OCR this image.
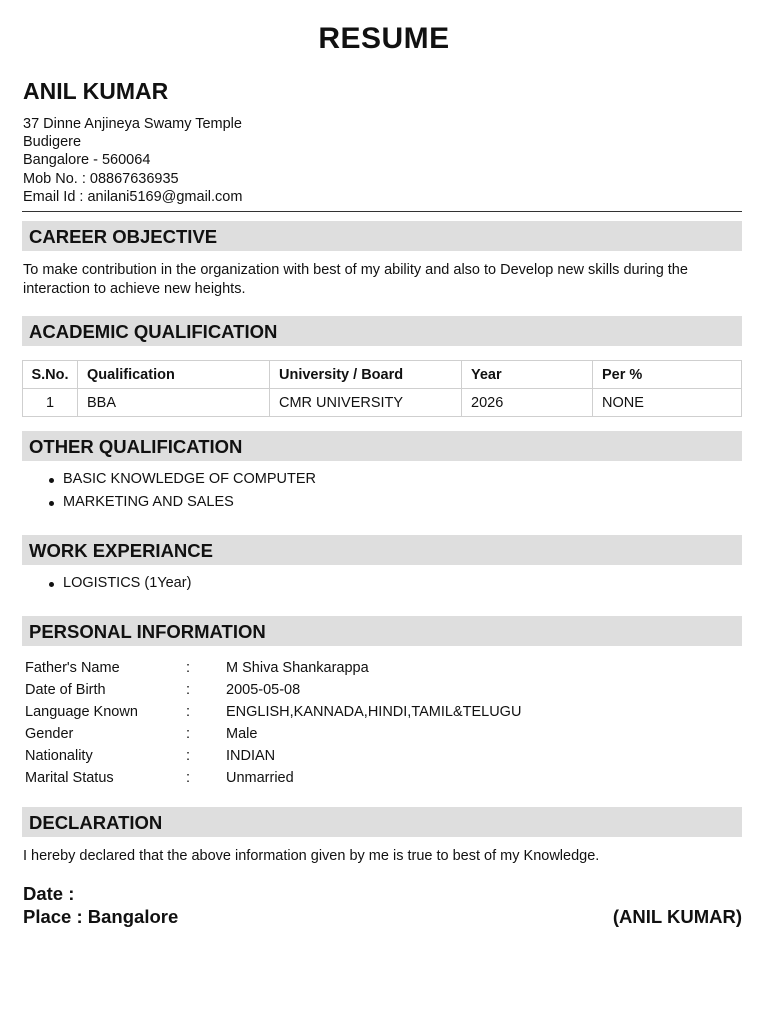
RESUME
ANIL KUMAR
37 Dinne Anjineya Swamy Temple
Budigere
Bangalore - 560064
Mob No. : 08867636935
Email Id : anilani5169@gmail.com
CAREER OBJECTIVE
To make contribution in the organization with best of my ability and also to Develop new skills during the interaction to achieve new heights.
ACADEMIC QUALIFICATION
S.No.	Qualification	University / Board	Year	Per %
1	BBA	CMR UNIVERSITY	2026	NONE
OTHER QUALIFICATION
BASIC KNOWLEDGE OF COMPUTER
MARKETING AND SALES
WORK EXPERIANCE
LOGISTICS (1Year)
PERSONAL INFORMATION
Father's Name	: M Shiva Shankarappa
Date of Birth	: 2005-05-08
Language Known	: ENGLISH,KANNADA,HINDI,TAMIL&TELUGU
Gender	: Male
Nationality	: INDIAN
Marital Status	: Unmarried
DECLARATION
I hereby declared that the above information given by me is true to best of my Knowledge.
Date :
Place : Bangalore	(ANIL KUMAR)
